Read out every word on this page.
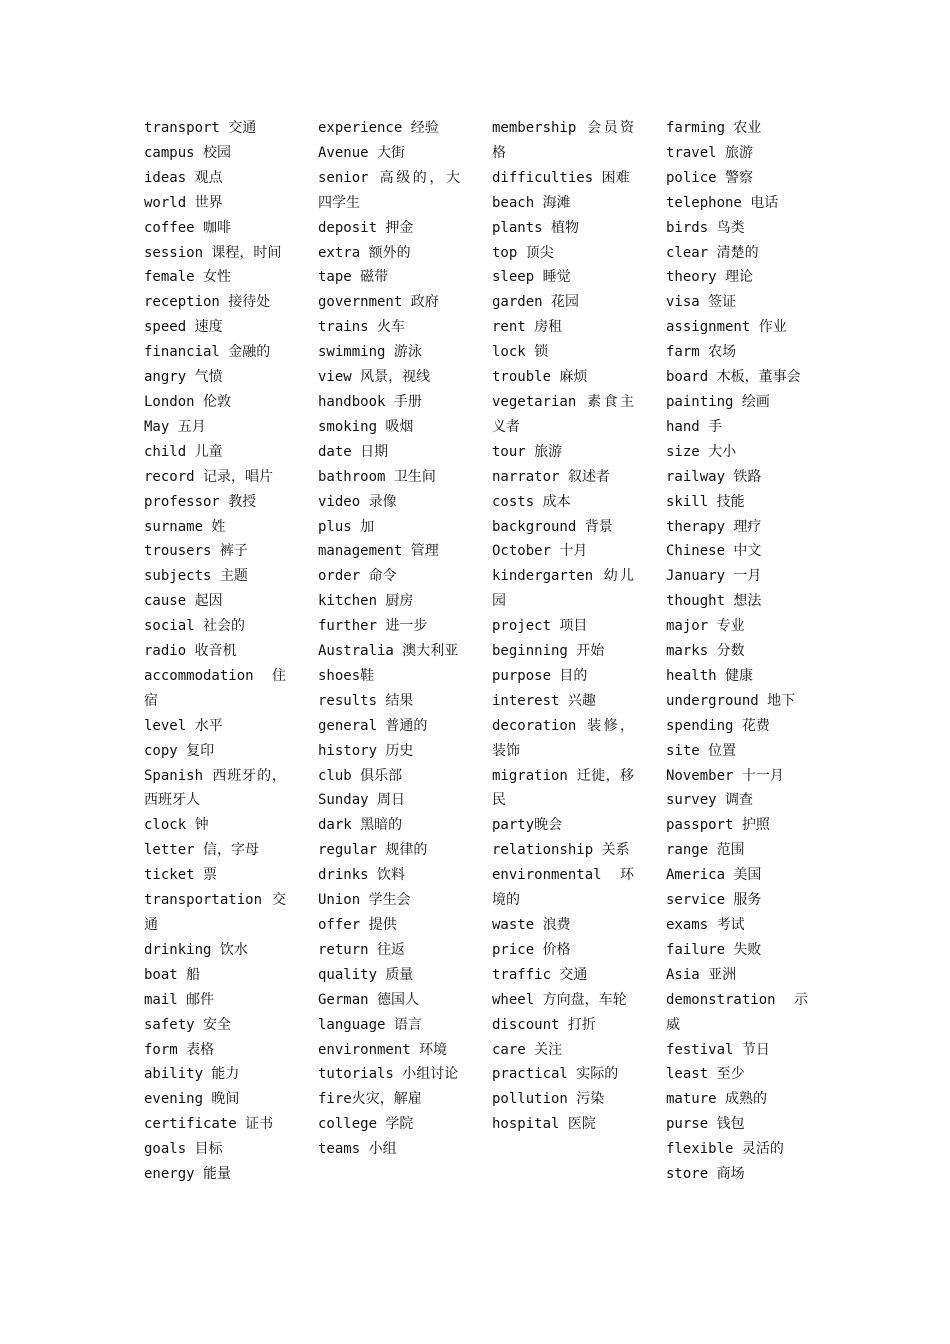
transport 交通
campus 校园
ideas 观点
world 世界
coffee 咖啡
session 课程，时间
female 女性
reception 接待处
speed 速度
financial 金融的
angry 气愤
London 伦敦
May 五月
child 儿童
record 记录，唱片
professor 教授
surname 姓
trousers 裤子
subjects 主题
cause 起因
social 社会的
radio 收音机
accommodation 住宿
level 水平
copy 复印
Spanish 西班牙的，西班牙人
clock 钟
letter 信，字母
ticket 票
transportation 交通
drinking 饮水
boat 船
mail 邮件
safety 安全
form 表格
ability 能力
evening 晚间
certificate 证书
goals 目标
energy 能量
experience 经验
Avenue 大街
senior 高级的，大四学生
deposit 押金
extra 额外的
tape 磁带
government 政府
trains 火车
swimming 游泳
view 风景，视线
handbook 手册
smoking 吸烟
date 日期
bathroom 卫生间
video 录像
plus 加
management 管理
order 命令
kitchen 厨房
further 进一步
Australia 澳大利亚
shoes鞋
results 结果
general 普通的
history 历史
club 俱乐部
Sunday 周日
dark 黑暗的
regular 规律的
drinks 饮料
Union 学生会
offer 提供
return 往返
quality 质量
German 德国人
language 语言
environment 环境
tutorials 小组讨论
fire火灾，解雇
college 学院
teams 小组
membership 会员资格
difficulties 困难
beach 海滩
plants 植物
top 顶尖
sleep 睡觉
garden 花园
rent 房租
lock 锁
trouble 麻烦
vegetarian 素食主义者
tour 旅游
narrator 叙述者
costs 成本
background 背景
October 十月
kindergarten 幼儿园
project 项目
beginning 开始
purpose 目的
interest 兴趣
decoration 装修，装饰
migration 迁徙，移民
party晚会
relationship 关系
environmental 环境的
waste 浪费
price 价格
traffic 交通
wheel 方向盘，车轮
discount 打折
care 关注
practical 实际的
pollution 污染
hospital 医院
farming 农业
travel 旅游
police 警察
telephone 电话
birds 鸟类
clear 清楚的
theory 理论
visa 签证
assignment 作业
farm 农场
board 木板，董事会
painting 绘画
hand 手
size 大小
railway 铁路
skill 技能
therapy 理疗
Chinese 中文
January 一月
thought 想法
major 专业
marks 分数
health 健康
underground 地下
spending 花费
site 位置
November 十一月
survey 调查
passport 护照
range 范围
America 美国
service 服务
exams 考试
failure 失败
Asia 亚洲
demonstration 示威
festival 节日
least 至少
mature 成熟的
purse 钱包
flexible 灵活的
store 商场
